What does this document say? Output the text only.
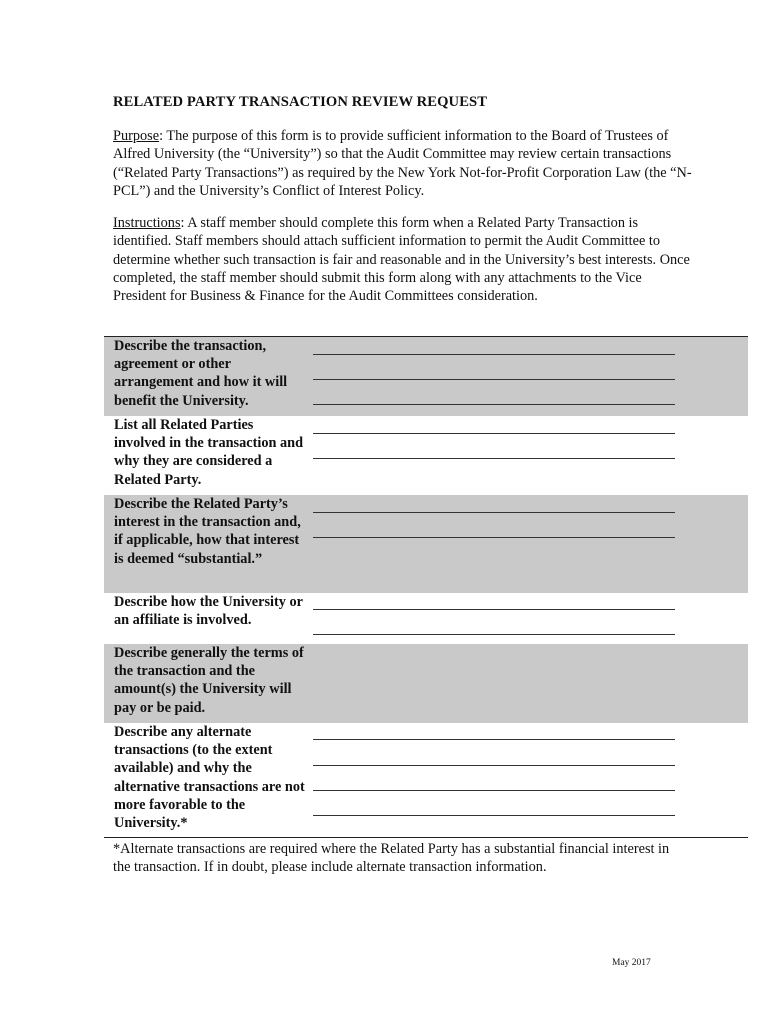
RELATED PARTY TRANSACTION REVIEW REQUEST
Purpose: The purpose of this form is to provide sufficient information to the Board of Trustees of Alfred University (the “University”) so that the Audit Committee may review certain transactions (“Related Party Transactions”) as required by the New York Not-for-Profit Corporation Law (the “N-PCL”) and the University’s Conflict of Interest Policy.
Instructions: A staff member should complete this form when a Related Party Transaction is identified. Staff members should attach sufficient information to permit the Audit Committee to determine whether such transaction is fair and reasonable and in the University’s best interests. Once completed, the staff member should submit this form along with any attachments to the Vice President for Business & Finance for the Audit Committees consideration.
Describe the transaction, agreement or other arrangement and how it will benefit the University.
List all Related Parties involved in the transaction and why they are considered a Related Party.
Describe the Related Party’s interest in the transaction and, if applicable, how that interest is deemed “substantial.”
Describe how the University or an affiliate is involved.
Describe generally the terms of the transaction and the amount(s) the University will pay or be paid.
Describe any alternate transactions (to the extent available) and why the alternative transactions are not more favorable to the University.*
*Alternate transactions are required where the Related Party has a substantial financial interest in the transaction. If in doubt, please include alternate transaction information.
May 2017
